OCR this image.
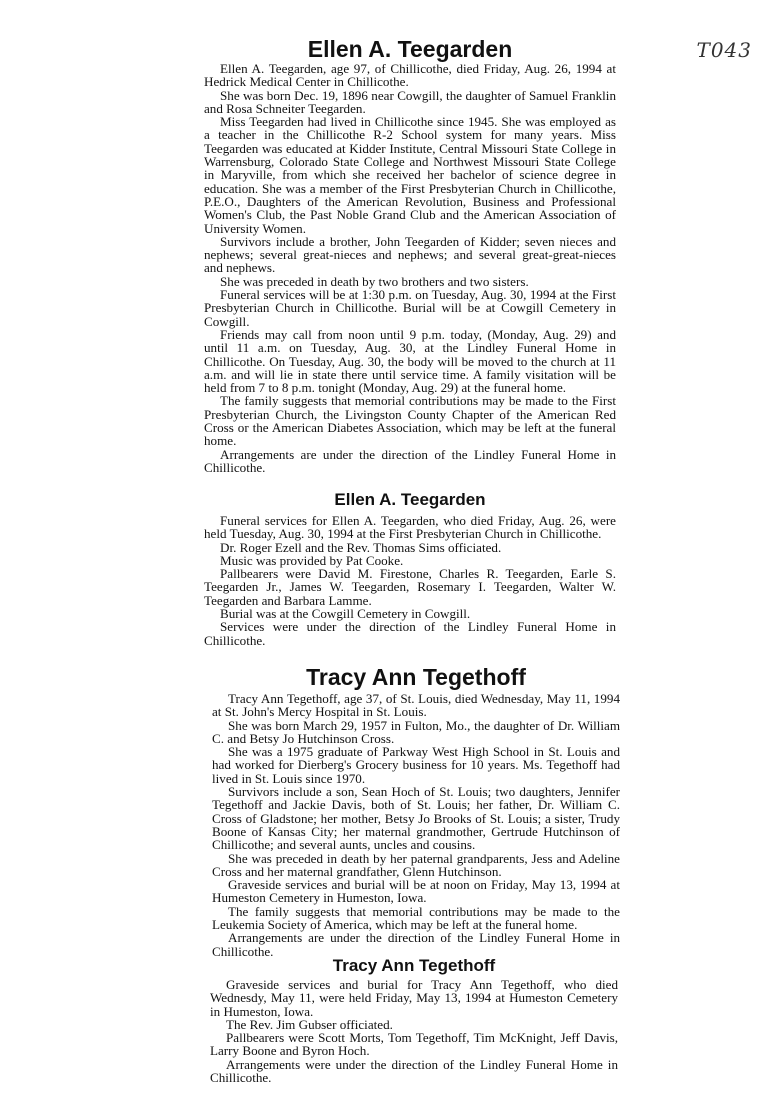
T043
Ellen A. Teegarden

Ellen A. Teegarden, age 97, of Chillicothe, died Friday, Aug. 26, 1994 at Hedrick Medical Center in Chillicothe.

She was born Dec. 19, 1896 near Cowgill, the daughter of Samuel Franklin and Rosa Schneiter Teegarden.

Miss Teegarden had lived in Chillicothe since 1945. She was employed as a teacher in the Chillicothe R-2 School system for many years. Miss Teegarden was educated at Kidder Institute, Central Missouri State College in Warrensburg, Colorado State College and Northwest Missouri State College in Maryville, from which she received her bachelor of science degree in education. She was a member of the First Presbyterian Church in Chillicothe, P.E.O., Daughters of the American Revolution, Business and Professional Women's Club, the Past Noble Grand Club and the American Association of University Women.

Survivors include a brother, John Teegarden of Kidder; seven nieces and nephews; several great-nieces and nephews; and several great-great-nieces and nephews.

She was preceded in death by two brothers and two sisters.

Funeral services will be at 1:30 p.m. on Tuesday, Aug. 30, 1994 at the First Presbyterian Church in Chillicothe. Burial will be at Cowgill Cemetery in Cowgill.

Friends may call from noon until 9 p.m. today, (Monday, Aug. 29) and until 11 a.m. on Tuesday, Aug. 30, at the Lindley Funeral Home in Chillicothe. On Tuesday, Aug. 30, the body will be moved to the church at 11 a.m. and will lie in state there until service time. A family visitation will be held from 7 to 8 p.m. tonight (Monday, Aug. 29) at the funeral home.

The family suggests that memorial contributions may be made to the First Presbyterian Church, the Livingston County Chapter of the American Red Cross or the American Diabetes Association, which may be left at the funeral home.

Arrangements are under the direction of the Lindley Funeral Home in Chillicothe.

Ellen A. Teegarden

Funeral services for Ellen A. Teegarden, who died Friday, Aug. 26, were held Tuesday, Aug. 30, 1994 at the First Presbyterian Church in Chillicothe.

Dr. Roger Ezell and the Rev. Thomas Sims officiated.

Music was provided by Pat Cooke.

Pallbearers were David M. Firestone, Charles R. Teegarden, Earle S. Teegarden Jr., James W. Teegarden, Rosemary I. Teegarden, Walter W. Teegarden and Barbara Lamme.

Burial was at the Cowgill Cemetery in Cowgill.

Services were under the direction of the Lindley Funeral Home in Chillicothe.

Tracy Ann Tegethoff

Tracy Ann Tegethoff, age 37, of St. Louis, died Wednesday, May 11, 1994 at St. John's Mercy Hospital in St. Louis.

She was born March 29, 1957 in Fulton, Mo., the daughter of Dr. William C. and Betsy Jo Hutchinson Cross.

She was a 1975 graduate of Parkway West High School in St. Louis and had worked for Dierberg's Grocery business for 10 years. Ms. Tegethoff had lived in St. Louis since 1970.

Survivors include a son, Sean Hoch of St. Louis; two daughters, Jennifer Tegethoff and Jackie Davis, both of St. Louis; her father, Dr. William C. Cross of Gladstone; her mother, Betsy Jo Brooks of St. Louis; a sister, Trudy Boone of Kansas City; her maternal grandmother, Gertrude Hutchinson of Chillicothe; and several aunts, uncles and cousins.

She was preceded in death by her paternal grandparents, Jess and Adeline Cross and her maternal grandfather, Glenn Hutchinson.

Graveside services and burial will be at noon on Friday, May 13, 1994 at Humeston Cemetery in Humeston, Iowa.

The family suggests that memorial contributions may be made to the Leukemia Society of America, which may be left at the funeral home.

Arrangements are under the direction of the Lindley Funeral Home in Chillicothe.

Tracy Ann Tegethoff

Graveside services and burial for Tracy Ann Tegethoff, who died Wednesdy, May 11, were held Friday, May 13, 1994 at Humeston Cemetery in Humeston, Iowa.

The Rev. Jim Gubser officiated.

Pallbearers were Scott Morts, Tom Tegethoff, Tim McKnight, Jeff Davis, Larry Boone and Byron Hoch.

Arrangements were under the direction of the Lindley Funeral Home in Chillicothe.
